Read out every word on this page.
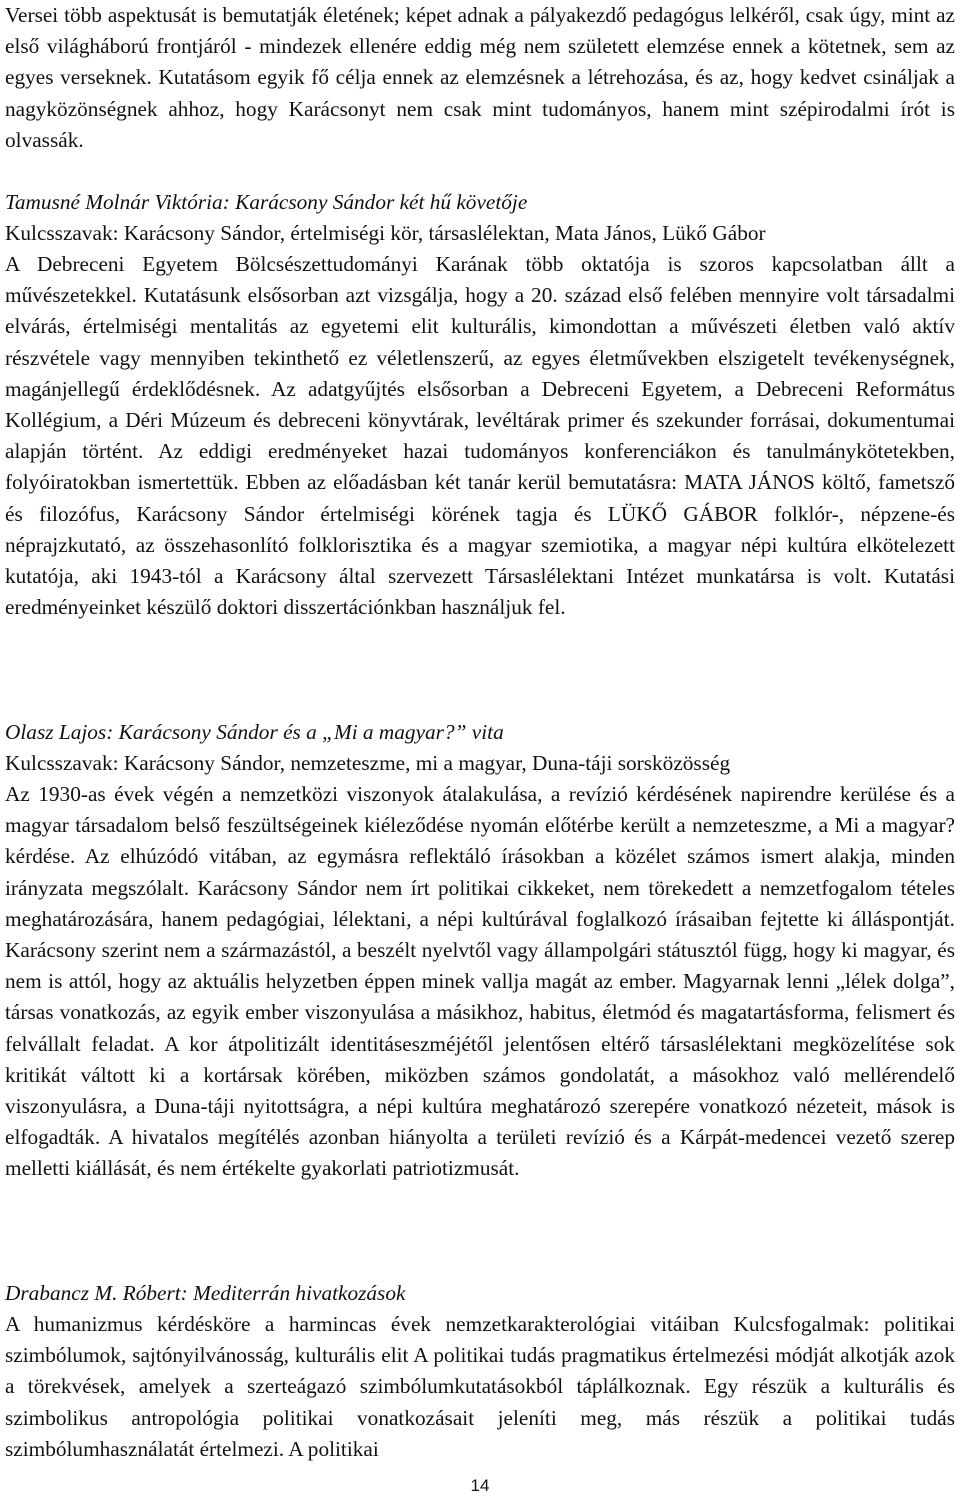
Versei több aspektusát is bemutatják életének; képet adnak a pályakezdő pedagógus lelkéről, csak úgy, mint az első világháború frontjáról - mindezek ellenére eddig még nem született elemzése ennek a kötetnek, sem az egyes verseknek. Kutatásom egyik fő célja ennek az elemzésnek a létrehozása, és az, hogy kedvet csináljak a nagyközönségnek ahhoz, hogy Karácsonyt nem csak mint tudományos, hanem mint szépirodalmi írót is olvassák.

Tamusné Molnár Viktória: Karácsony Sándor két hű követője

Kulcsszavak: Karácsony Sándor, értelmiségi kör, társaslélektan, Mata János, Lükő Gábor

A Debreceni Egyetem Bölcsészettudományi Karának több oktatója is szoros kapcsolatban állt a művészetekkel. Kutatásunk elsősorban azt vizsgálja, hogy a 20. század első felében mennyire volt társadalmi elvárás, értelmiségi mentalitás az egyetemi elit kulturális, kimondottan a művészeti életben való aktív részvétele vagy mennyiben tekinthető ez véletlenszerű, az egyes életművekben elszigetelt tevékenységnek, magánjellegű érdeklődésnek. Az adatgyűjtés elsősorban a Debreceni Egyetem, a Debreceni Református Kollégium, a Déri Múzeum és debreceni könyvtárak, levéltárak primer és szekunder forrásai, dokumentumai alapján történt. Az eddigi eredményeket hazai tudományos konferenciákon és tanulmánykötetekben, folyóiratokban ismertettük. Ebben az előadásban két tanár kerül bemutatásra: MATA JÁNOS költő, fametsző és filozófus, Karácsony Sándor értelmiségi körének tagja és LÜKŐ GÁBOR folklór-, népzene-és néprajzkutató, az összehasonlító folklorisztika és a magyar szemiotika, a magyar népi kultúra elkötelezett kutatója, aki 1943-tól a Karácsony által szervezett Társaslélektani Intézet munkatársa is volt. Kutatási eredményeinket készülő doktori disszertációnkban használjuk fel.

Olasz Lajos: Karácsony Sándor és a „Mi a magyar?” vita

Kulcsszavak: Karácsony Sándor, nemzeteszme, mi a magyar, Duna-táji sorsközösség

Az 1930-as évek végén a nemzetközi viszonyok átalakulása, a revízió kérdésének napirendre kerülése és a magyar társadalom belső feszültségeinek kiéleződése nyomán előtérbe került a nemzeteszme, a Mi a magyar? kérdése. Az elhúzódó vitában, az egymásra reflektáló írásokban a közélet számos ismert alakja, minden irányzata megszólalt. Karácsony Sándor nem írt politikai cikkeket, nem törekedett a nemzetfogalom tételes meghatározására, hanem pedagógiai, lélektani, a népi kultúrával foglalkozó írásaiban fejtette ki álláspontját. Karácsony szerint nem a származástól, a beszélt nyelvtől vagy állampolgári státusztól függ, hogy ki magyar, és nem is attól, hogy az aktuális helyzetben éppen minek vallja magát az ember. Magyarnak lenni „lélek dolga”, társas vonatkozás, az egyik ember viszonyulása a másikhoz, habitus, életmód és magatartásforma, felismert és felvállalt feladat. A kor átpolitizált identitáseszméjétől jelentősen eltérő társaslélektani megközelítése sok kritikát váltott ki a kortársak körében, miközben számos gondolatát, a másokhoz való mellérendelő viszonyulásra, a Duna-táji nyitottságra, a népi kultúra meghatározó szerepére vonatkozó nézeteit, mások is elfogadták. A hivatalos megítélés azonban hiányolta a területi revízió és a Kárpát-medencei vezető szerep melletti kiállását, és nem értékelte gyakorlati patriotizmusát.

Drabancz M. Róbert: Mediterrán hivatkozások

A humanizmus kérdésköre a harmincas évek nemzetkarakterológiai vitáiban Kulcsfogalmak: politikai szimbólumok, sajtónyilvánosság, kulturális elit A politikai tudás pragmatikus értelmezési módját alkotják azok a törekvések, amelyek a szerteágazó szimbólumkutatásokból táplálkoznak. Egy részük a kulturális és szimbolikus antropológia politikai vonatkozásait jeleníti meg, más részük a politikai tudás szimbólumhasználatát értelmezi. A politikai

14
